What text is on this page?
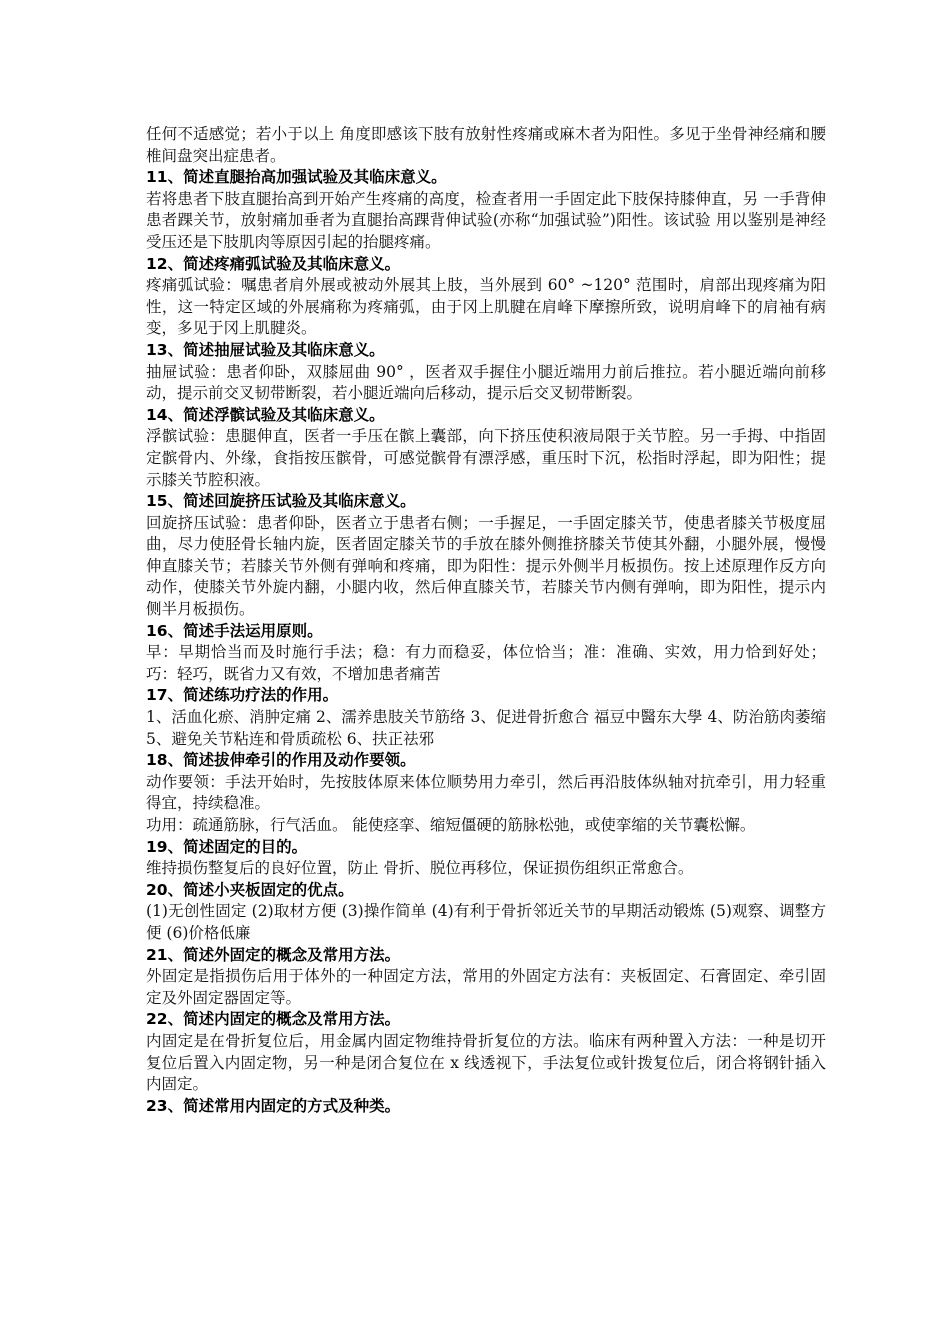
任何不适感觉；若小于以上 角度即感该下肢有放射性疼痛或麻木者为阳性。多见于坐骨神经痛和腰椎间盘突出症患者。

11、简述直腿抬高加强试验及其临床意义。

若将患者下肢直腿抬高到开始产生疼痛的高度，检查者用一手固定此下肢保持膝伸直，另 一手背伸患者踝关节，放射痛加垂者为直腿抬高踝背伸试验(亦称“加强试验”)阳性。该试验 用以鉴别是神经受压还是下肢肌肉等原因引起的抬腿疼痛。

12、简述疼痛弧试验及其临床意义。

疼痛弧试验：嘱患者肩外展或被动外展其上肢，当外展到 60° ~120° 范围时，肩部出现疼痛为阳性，这一特定区域的外展痛称为疼痛弧，由于冈上肌腱在肩峰下摩擦所致，说明肩峰下的肩袖有病变，多见于冈上肌腱炎。

13、简述抽屉试验及其临床意义。

抽屉试验：患者仰卧，双膝屈曲 90° ，医者双手握住小腿近端用力前后推拉。若小腿近端向前移动，提示前交叉韧带断裂，若小腿近端向后移动，提示后交叉韧带断裂。

14、简述浮髌试验及其临床意义。

浮髌试验：患腿伸直，医者一手压在髌上囊部，向下挤压使积液局限于关节腔。另一手拇、中指固定髌骨内、外缘，食指按压髌骨，可感觉髌骨有漂浮感，重压时下沉，松指时浮起，即为阳性；提示膝关节腔积液。

15、简述回旋挤压试验及其临床意义。

回旋挤压试验：患者仰卧，医者立于患者右侧；一手握足，一手固定膝关节，使患者膝关节极度屈曲，尽力使胫骨长轴内旋，医者固定膝关节的手放在膝外侧推挤膝关节使其外翻，小腿外展，慢慢伸直膝关节；若膝关节外侧有弹响和疼痛，即为阳性：提示外侧半月板损伤。按上述原理作反方向动作，使膝关节外旋内翻，小腿内收，然后伸直膝关节，若膝关节内侧有弹响，即为阳性，提示内侧半月板损伤。

16、简述手法运用原则。

早：早期恰当而及时施行手法；稳：有力而稳妥，体位恰当；准：准确、实效，用力恰到好处；巧：轻巧，既省力又有效，不增加患者痛苦

17、简述练功疗法的作用。

1、活血化瘀、消肿定痛 2、濡养患肢关节筋络 3、促进骨折愈合 福豆中醫东大學 4、防治筋肉萎缩 5、避免关节粘连和骨质疏松 6、扶正祛邪

18、简述拔伸牵引的作用及动作要领。

动作要领：手法开始时，先按肢体原来体位顺势用力牵引，然后再沿肢体纵轴对抗牵引，用力轻重得宜，持续稳准。

功用：疏通筋脉，行气活血。 能使痉挛、缩短僵硬的筋脉松弛，或使挛缩的关节囊松懈。

19、简述固定的目的。

维持损伤整复后的良好位置，防止 骨折、脱位再移位，保证损伤组织正常愈合。

20、简述小夹板固定的优点。

(1)无创性固定 (2)取材方便 (3)操作简单 (4)有利于骨折邻近关节的早期活动锻炼 (5)观察、调整方便 (6)价格低廉

21、简述外固定的概念及常用方法。

外固定是指损伤后用于体外的一种固定方法，常用的外固定方法有：夹板固定、石膏固定、牵引固定及外固定器固定等。

22、简述内固定的概念及常用方法。

内固定是在骨折复位后，用金属内固定物维持骨折复位的方法。临床有两种置入方法：一种是切开复位后置入内固定物，另一种是闭合复位在 x 线透视下，手法复位或针拨复位后，闭合将钢针插入内固定。

23、简述常用内固定的方式及种类。
